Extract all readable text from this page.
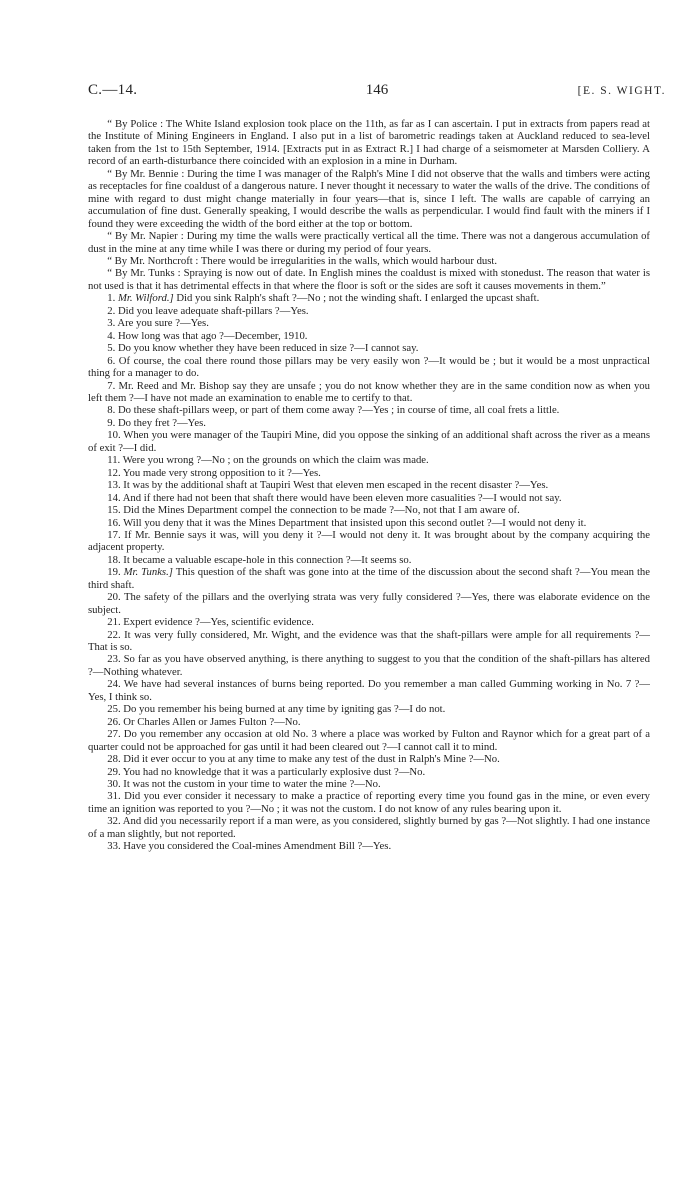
C.—14.	146	[E. S. WIGHT.

“ By Police : The White Island explosion took place on the 11th, as far as I can ascertain. I put in extracts from papers read at the Institute of Mining Engineers in England. I also put in a list of barometric readings taken at Auckland reduced to sea-level taken from the 1st to 15th September, 1914. [Extracts put in as Extract R.] I had charge of a seismometer at Marsden Colliery. A record of an earth-disturbance there coincided with an explosion in a mine in Durham.

“ By Mr. Bennie : During the time I was manager of the Ralph's Mine I did not observe that the walls and timbers were acting as receptacles for fine coaldust of a dangerous nature. I never thought it necessary to water the walls of the drive. The conditions of mine with regard to dust might change materially in four years—that is, since I left. The walls are capable of carrying an accumulation of fine dust. Generally speaking, I would describe the walls as perpendicular. I would find fault with the miners if I found they were exceeding the width of the bord either at the top or bottom.

“ By Mr. Napier : During my time the walls were practically vertical all the time. There was not a dangerous accumulation of dust in the mine at any time while I was there or during my period of four years.

“ By Mr. Northcroft : There would be irregularities in the walls, which would harbour dust.

“ By Mr. Tunks : Spraying is now out of date. In English mines the coaldust is mixed with stonedust. The reason that water is not used is that it has detrimental effects in that where the floor is soft or the sides are soft it causes movements in them.”

1. Mr. Wilford.] Did you sink Ralph's shaft ?—No ; not the winding shaft. I enlarged the upcast shaft.

2. Did you leave adequate shaft-pillars ?—Yes.

3. Are you sure ?—Yes.

4. How long was that ago ?—December, 1910.

5. Do you know whether they have been reduced in size ?—I cannot say.

6. Of course, the coal there round those pillars may be very easily won ?—It would be ; but it would be a most unpractical thing for a manager to do.

7. Mr. Reed and Mr. Bishop say they are unsafe ; you do not know whether they are in the same condition now as when you left them ?—I have not made an examination to enable me to certify to that.

8. Do these shaft-pillars weep, or part of them come away ?—Yes ; in course of time, all coal frets a little.

9. Do they fret ?—Yes.

10. When you were manager of the Taupiri Mine, did you oppose the sinking of an additional shaft across the river as a means of exit ?—I did.

11. Were you wrong ?—No ; on the grounds on which the claim was made.

12. You made very strong opposition to it ?—Yes.

13. It was by the additional shaft at Taupiri West that eleven men escaped in the recent disaster ?—Yes.

14. And if there had not been that shaft there would have been eleven more casualities ?—I would not say.

15. Did the Mines Department compel the connection to be made ?—No, not that I am aware of.

16. Will you deny that it was the Mines Department that insisted upon this second outlet ?—I would not deny it.

17. If Mr. Bennie says it was, will you deny it ?—I would not deny it. It was brought about by the company acquiring the adjacent property.

18. It became a valuable escape-hole in this connection ?—It seems so.

19. Mr. Tunks.] This question of the shaft was gone into at the time of the discussion about the second shaft ?—You mean the third shaft.

20. The safety of the pillars and the overlying strata was very fully considered ?—Yes, there was elaborate evidence on the subject.

21. Expert evidence ?—Yes, scientific evidence.

22. It was very fully considered, Mr. Wight, and the evidence was that the shaft-pillars were ample for all requirements ?—That is so.

23. So far as you have observed anything, is there anything to suggest to you that the condition of the shaft-pillars has altered ?—Nothing whatever.

24. We have had several instances of burns being reported. Do you remember a man called Gumming working in No. 7 ?—Yes, I think so.

25. Do you remember his being burned at any time by igniting gas ?—I do not.

26. Or Charles Allen or James Fulton ?—No.

27. Do you remember any occasion at old No. 3 where a place was worked by Fulton and Raynor which for a great part of a quarter could not be approached for gas until it had been cleared out ?—I cannot call it to mind.

28. Did it ever occur to you at any time to make any test of the dust in Ralph's Mine ?—No.

29. You had no knowledge that it was a particularly explosive dust ?—No.

30. It was not the custom in your time to water the mine ?—No.

31. Did you ever consider it necessary to make a practice of reporting every time you found gas in the mine, or even every time an ignition was reported to you ?—No ; it was not the custom. I do not know of any rules bearing upon it.

32. And did you necessarily report if a man were, as you considered, slightly burned by gas ?—Not slightly. I had one instance of a man slightly, but not reported.

33. Have you considered the Coal-mines Amendment Bill ?—Yes.
